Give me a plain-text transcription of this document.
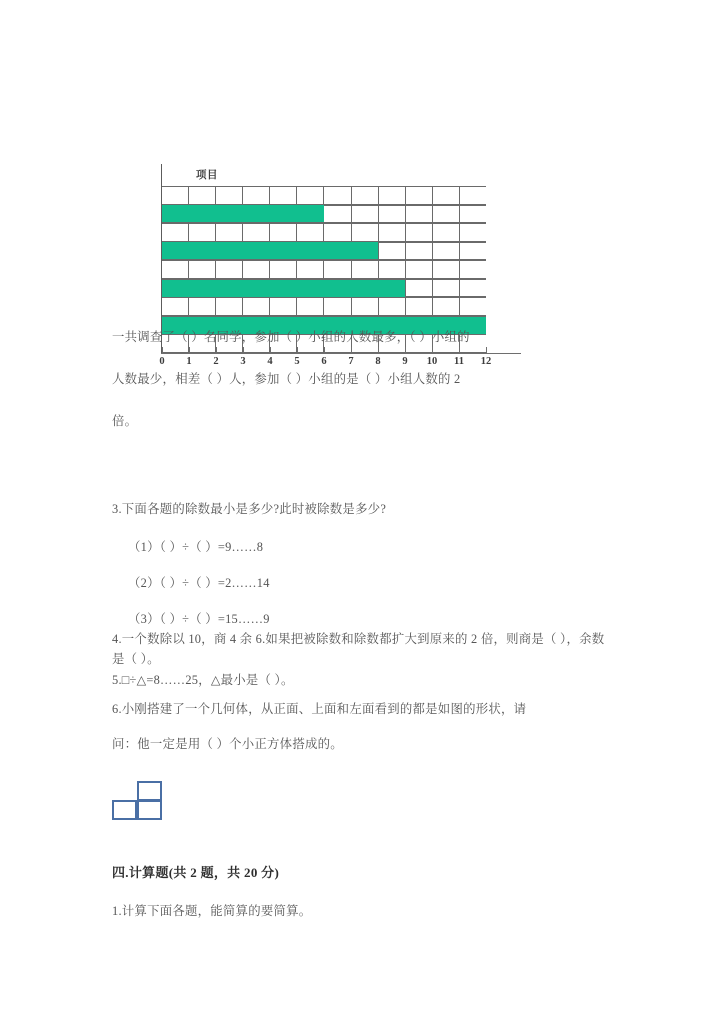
项目
0 1 2 3 4 5 6 7 8 9 10 11 12
一共调查了（ ）名同学，参加（ ）小组的人数最多，（ ）小组的
人数最少，相差（ ）人，参加（ ）小组的是（ ）小组人数的 2
倍。
3.下面各题的除数最小是多少?此时被除数是多少?
（1）（ ）÷（ ）=9……8
（2）（ ）÷（ ）=2……14
（3）（ ）÷（ ）=15……9
4.一个数除以 10，商 4 余 6.如果把被除数和除数都扩大到原来的 2 倍，则商是（ ），余数是（ ）。
5.□÷△=8……25，△最小是（ ）。
6.小刚搭建了一个几何体，从正面、上面和左面看到的都是如图的形状，请
问：他一定是用（ ）个小正方体搭成的。
四.计算题(共 2 题，共 20 分)
1.计算下面各题，能简算的要简算。
